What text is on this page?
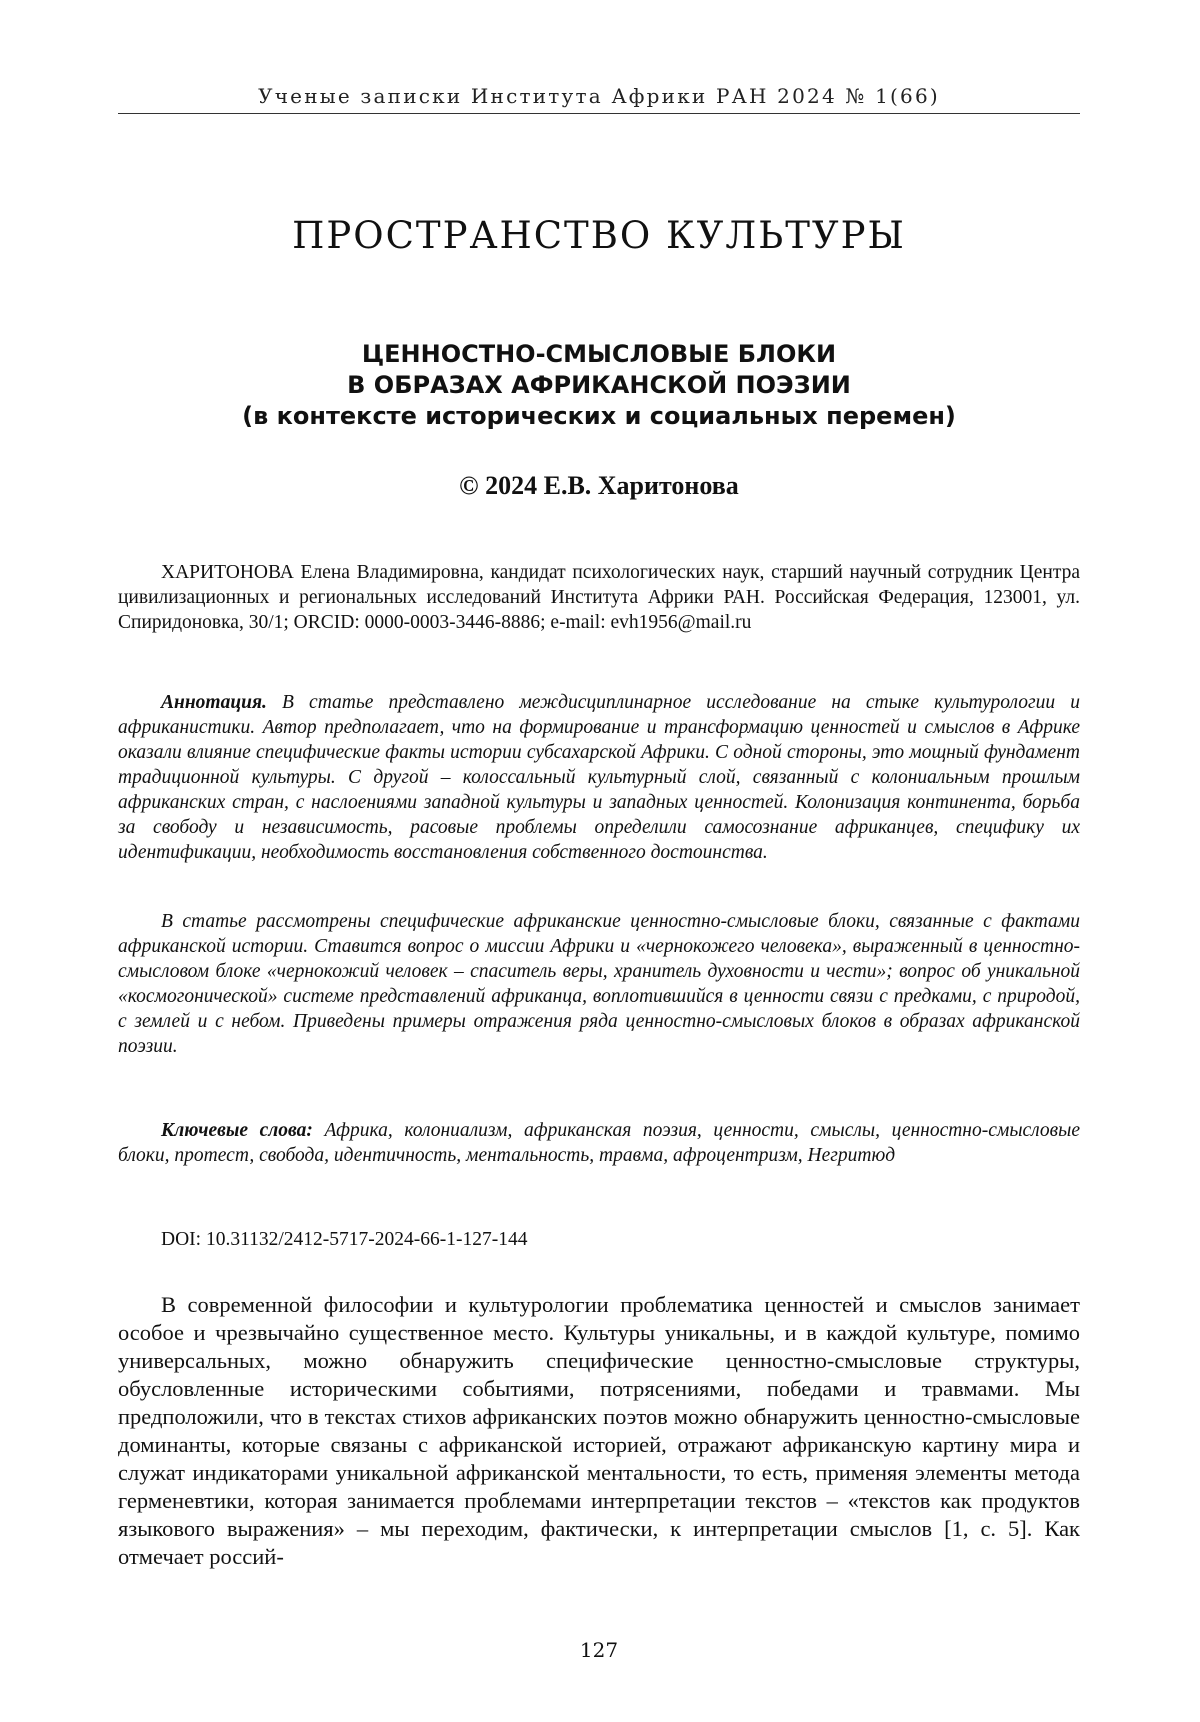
Ученые записки Института Африки РАН 2024 № 1(66)
ПРОСТРАНСТВО КУЛЬТУРЫ
ЦЕННОСТНО-СМЫСЛОВЫЕ БЛОКИ
В ОБРАЗАХ АФРИКАНСКОЙ ПОЭЗИИ
(в контексте исторических и социальных перемен)
© 2024 Е.В. Харитонова

ХАРИТОНОВА Елена Владимировна, кандидат психологических наук, старший научный сотрудник Центра цивилизационных и региональных исследований Института Африки РАН. Российская Федерация, 123001, ул. Спиридоновка, 30/1; ORCID: 0000-0003-3446-8886; e-mail: evh1956@mail.ru

Аннотация. В статье представлено междисциплинарное исследование на стыке культурологии и африканистики. Автор предполагает, что на формирование и трансформацию ценностей и смыслов в Африке оказали влияние специфические факты истории субсахарской Африки. С одной стороны, это мощный фундамент традиционной культуры. С другой – колоссальный культурный слой, связанный с колониальным прошлым африканских стран, с наслоениями западной культуры и западных ценностей. Колонизация континента, борьба за свободу и независимость, расовые проблемы определили самосознание африканцев, специфику их идентификации, необходимость восстановления собственного достоинства.

В статье рассмотрены специфические африканские ценностно-смысловые блоки, связанные с фактами африканской истории. Ставится вопрос о миссии Африки и «чернокожего человека», выраженный в ценностно-смысловом блоке «чернокожий человек – спаситель веры, хранитель духовности и чести»; вопрос об уникальной «космогонической» системе представлений африканца, воплотившийся в ценности связи с предками, с природой, с землей и с небом. Приведены примеры отражения ряда ценностно-смысловых блоков в образах африканской поэзии.

Ключевые слова: Африка, колониализм, африканская поэзия, ценности, смыслы, ценностно-смысловые блоки, протест, свобода, идентичность, ментальность, травма, афроцентризм, Негритюд

DOI: 10.31132/2412-5717-2024-66-1-127-144

В современной философии и культурологии проблематика ценностей и смыслов занимает особое и чрезвычайно существенное место. Культуры уникальны, и в каждой культуре, помимо универсальных, можно обнаружить специфические ценностно-смысловые структуры, обусловленные историческими событиями, потрясениями, победами и травмами. Мы предположили, что в текстах стихов африканских поэтов можно обнаружить ценностно-смысловые доминанты, которые связаны с африканской историей, отражают африканскую картину мира и служат индикаторами уникальной африканской ментальности, то есть, применяя элементы метода герменевтики, которая занимается проблемами интерпретации текстов – «текстов как продуктов языкового выражения» – мы переходим, фактически, к интерпретации смыслов [1, с. 5]. Как отмечает россий-

127
